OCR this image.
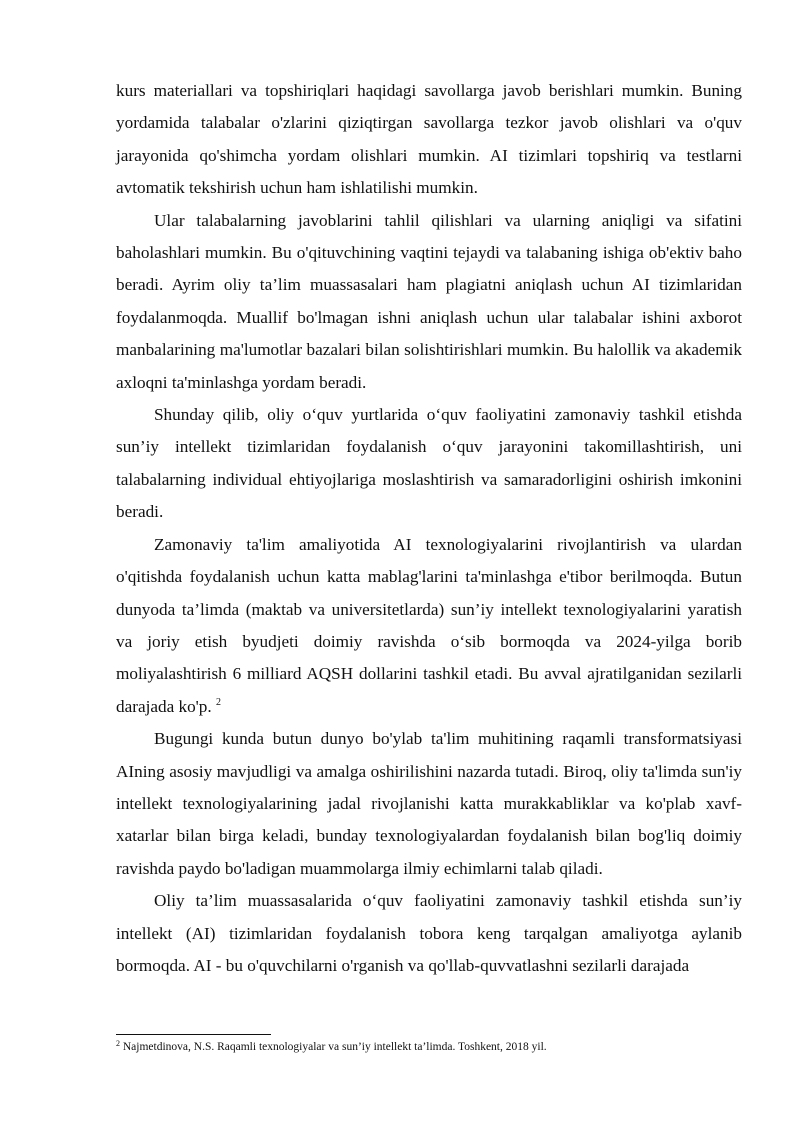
kurs materiallari va topshiriqlari haqidagi savollarga javob berishlari mumkin. Buning yordamida talabalar o'zlarini qiziqtirgan savollarga tezkor javob olishlari va o'quv jarayonida qo'shimcha yordam olishlari mumkin. AI tizimlari topshiriq va testlarni avtomatik tekshirish uchun ham ishlatilishi mumkin.

Ular talabalarning javoblarini tahlil qilishlari va ularning aniqligi va sifatini baholashlari mumkin. Bu o'qituvchining vaqtini tejaydi va talabaning ishiga ob'ektiv baho beradi. Ayrim oliy ta’lim muassasalari ham plagiatni aniqlash uchun AI tizimlaridan foydalanmoqda. Muallif bo'lmagan ishni aniqlash uchun ular talabalar ishini axborot manbalarining ma'lumotlar bazalari bilan solishtirishlari mumkin. Bu halollik va akademik axloqni ta'minlashga yordam beradi.

Shunday qilib, oliy o‘quv yurtlarida o‘quv faoliyatini zamonaviy tashkil etishda sun’iy intellekt tizimlaridan foydalanish o‘quv jarayonini takomillashtirish, uni talabalarning individual ehtiyojlariga moslashtirish va samaradorligini oshirish imkonini beradi.

Zamonaviy ta'lim amaliyotida AI texnologiyalarini rivojlantirish va ulardan o'qitishda foydalanish uchun katta mablag'larini ta'minlashga e'tibor berilmoqda. Butun dunyoda ta’limda (maktab va universitetlarda) sun’iy intellekt texnologiyalarini yaratish va joriy etish byudjeti doimiy ravishda o‘sib bormoqda va 2024-yilga borib moliyalashtirish 6 milliard AQSH dollarini tashkil etadi. Bu avval ajratilganidan sezilarli darajada ko'p. $^2$

Bugungi kunda butun dunyo bo'ylab ta'lim muhitining raqamli transformatsiyasi AIning asosiy mavjudligi va amalga oshirilishini nazarda tutadi. Biroq, oliy ta'limda sun'iy intellekt texnologiyalarining jadal rivojlanishi katta murakkabliklar va ko'plab xavf-xatarlar bilan birga keladi, bunday texnologiyalardan foydalanish bilan bog'liq doimiy ravishda paydo bo'ladigan muammolarga ilmiy echimlarni talab qiladi.

Oliy ta’lim muassasalarida o‘quv faoliyatini zamonaviy tashkil etishda sun’iy intellekt (AI) tizimlaridan foydalanish tobora keng tarqalgan amaliyotga aylanib bormoqda. AI - bu o'quvchilarni o'rganish va qo'llab-quvvatlashni sezilarli darajada

$^2$ Najmetdinova, N.S. Raqamli texnologiyalar va sun’iy intellekt ta’limda. Toshkent, 2018 yil.
